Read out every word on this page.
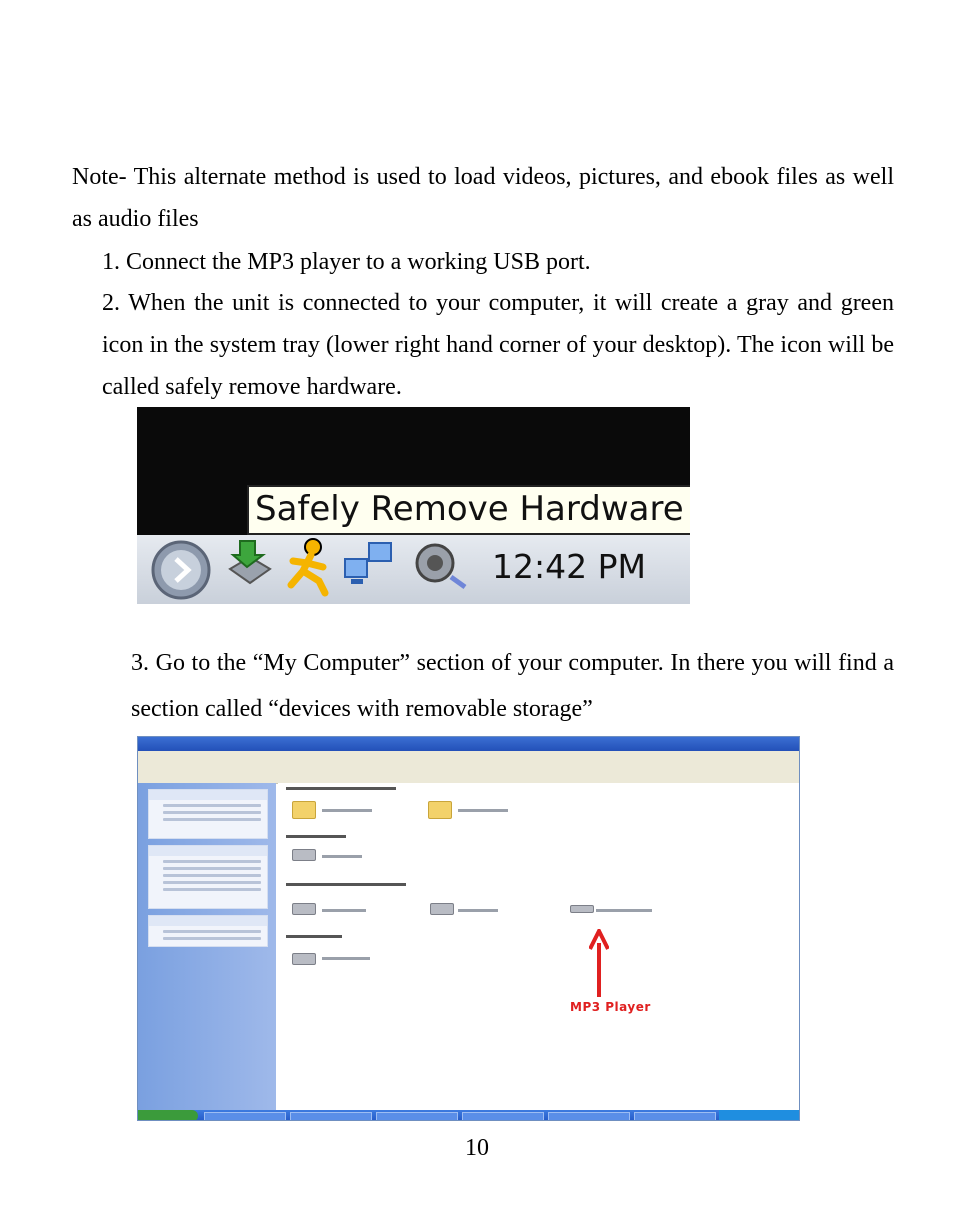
Note- This alternate method is used to load videos, pictures, and ebook files as well as audio files
1. Connect the MP3 player to a working USB port.
2. When the unit is connected to your computer, it will create a gray and green icon in the system tray (lower right hand corner of your desktop). The icon will be called safely remove hardware.
Safely Remove Hardware
12:42 PM
3. Go to the “My Computer” section of your computer. In there you will find a section called “devices with removable storage”
MP3 Player
10
